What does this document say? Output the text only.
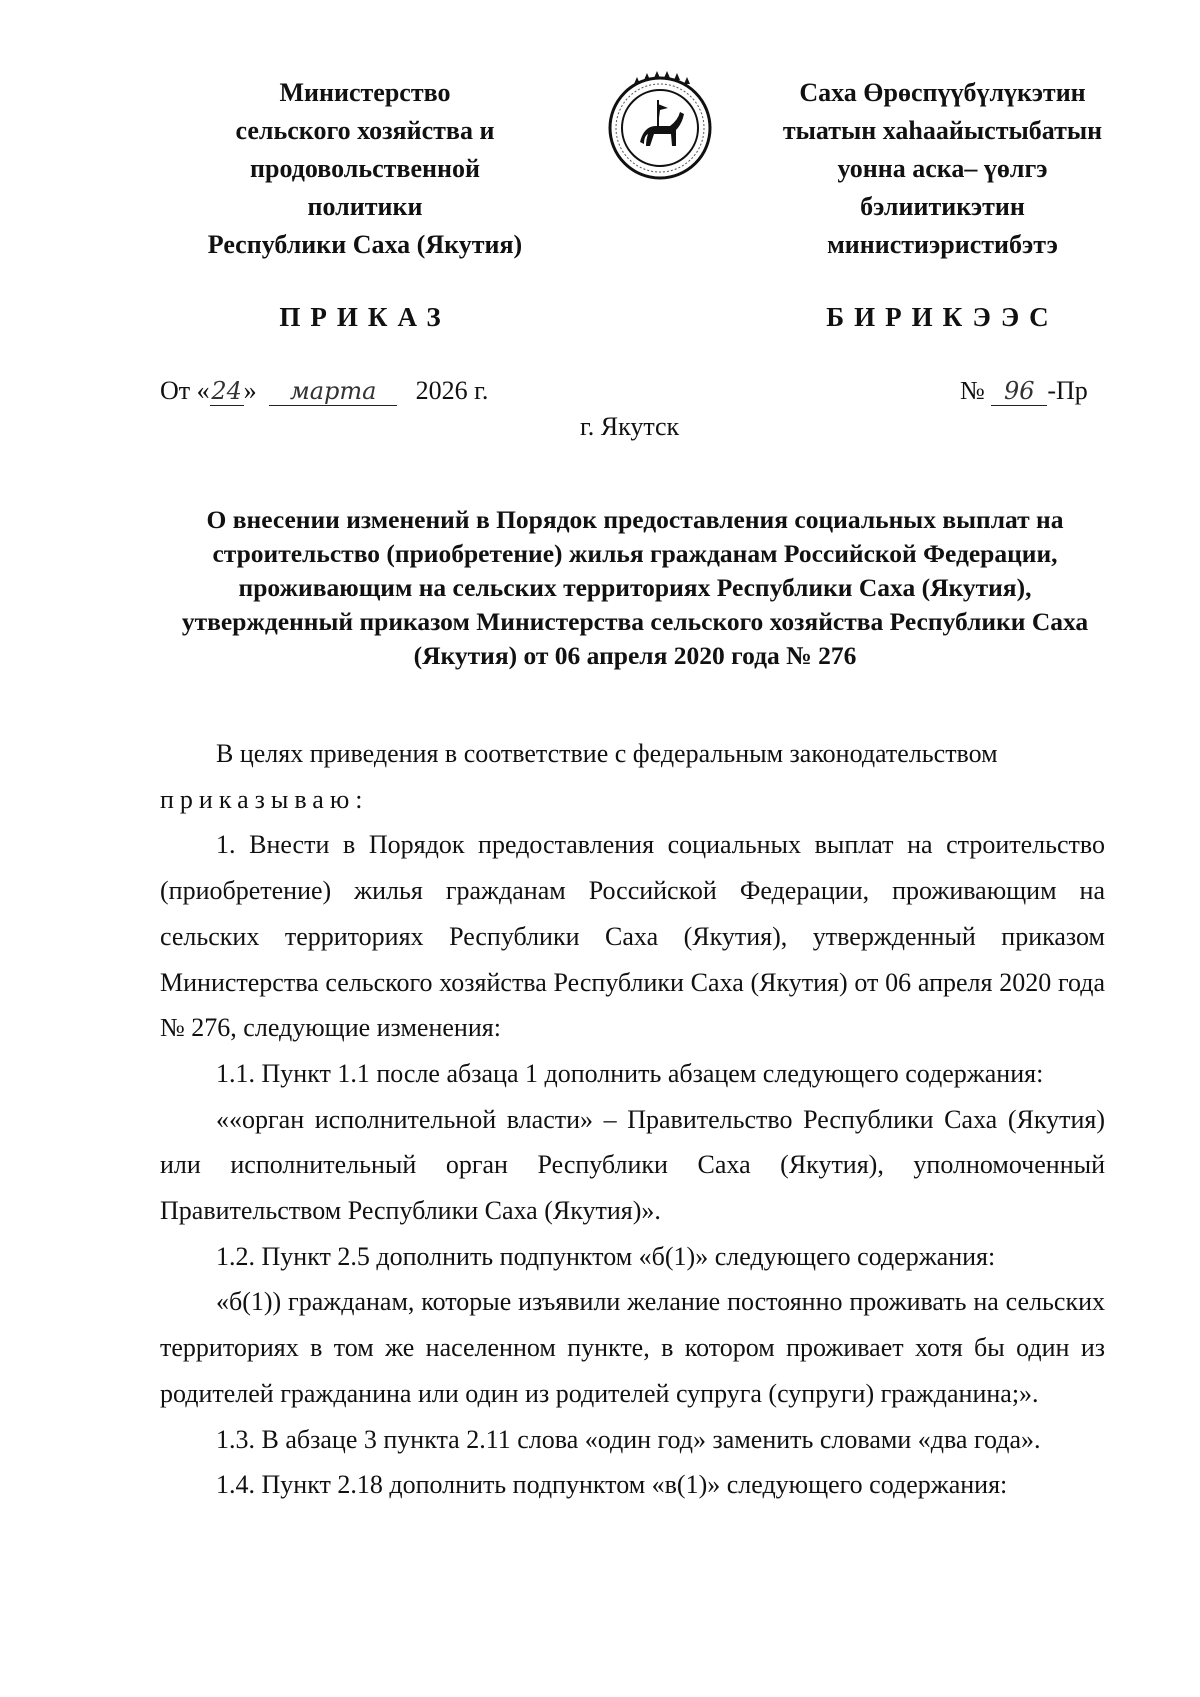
Министерство
сельского хозяйства и
продовольственной
политики
Республики Саха (Якутия)
Саха Өрөспүүбүлүкэтин
тыатын хаһаайыстыбатын
уонна аска– үөлгэ
бэлиитикэтин
министиэристибэтэ
ПРИКАЗ	БИРИКЭЭС
От «24» марта 2026 г.	№ 96 -Пр
г. Якутск
О внесении изменений в Порядок предоставления социальных выплат на строительство (приобретение) жилья гражданам Российской Федерации, проживающим на сельских территориях Республики Саха (Якутия), утвержденный приказом Министерства сельского хозяйства Республики Саха (Якутия) от 06 апреля 2020 года № 276

В целях приведения в соответствие с федеральным законодательством

приказываю:

1. Внести в Порядок предоставления социальных выплат на строительство (приобретение) жилья гражданам Российской Федерации, проживающим на сельских территориях Республики Саха (Якутия), утвержденный приказом Министерства сельского хозяйства Республики Саха (Якутия) от 06 апреля 2020 года № 276, следующие изменения:

1.1. Пункт 1.1 после абзаца 1 дополнить абзацем следующего содержания:

««орган исполнительной власти» – Правительство Республики Саха (Якутия) или исполнительный орган Республики Саха (Якутия), уполномоченный Правительством Республики Саха (Якутия)».

1.2. Пункт 2.5 дополнить подпунктом «б(1)» следующего содержания:

«б(1)) гражданам, которые изъявили желание постоянно проживать на сельских территориях в том же населенном пункте, в котором проживает хотя бы один из родителей гражданина или один из родителей супруга (супруги) гражданина;».

1.3. В абзаце 3 пункта 2.11 слова «один год» заменить словами «два года».

1.4. Пункт 2.18 дополнить подпунктом «в(1)» следующего содержания:
